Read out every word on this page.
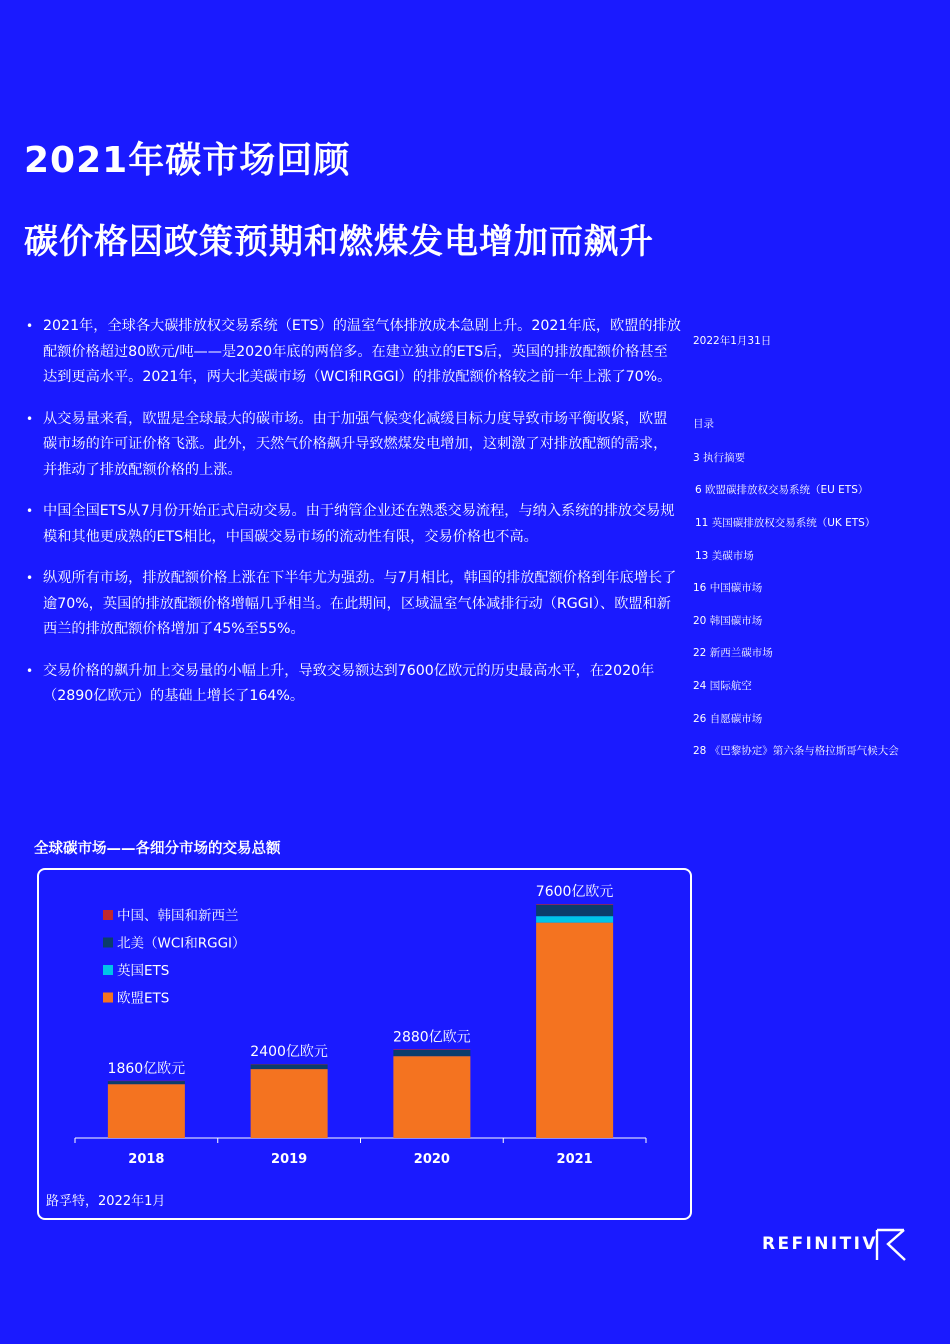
2021年碳市场回顾
碳价格因政策预期和燃煤发电增加而飙升
• 2021年，全球各大碳排放权交易系统（ETS）的温室气体排放成本急剧上升。2021年底，欧盟的排放配额价格超过80欧元/吨——是2020年底的两倍多。在建立独立的ETS后，英国的排放配额价格甚至达到更高水平。2021年，两大北美碳市场（WCI和RGGI）的排放配额价格较之前一年上涨了70%。
• 从交易量来看，欧盟是全球最大的碳市场。由于加强气候变化减缓目标力度导致市场平衡收紧，欧盟碳市场的许可证价格飞涨。此外，天然气价格飙升导致燃煤发电增加，这刺激了对排放配额的需求，并推动了排放配额价格的上涨。
• 中国全国ETS从7月份开始正式启动交易。由于纳管企业还在熟悉交易流程，与纳入系统的排放交易规模和其他更成熟的ETS相比，中国碳交易市场的流动性有限，交易价格也不高。
• 纵观所有市场，排放配额价格上涨在下半年尤为强劲。与7月相比，韩国的排放配额价格到年底增长了逾70%，英国的排放配额价格增幅几乎相当。在此期间，区域温室气体减排行动（RGGI）、欧盟和新西兰的排放配额价格增加了45%至55%。
• 交易价格的飙升加上交易量的小幅上升，导致交易额达到7600亿欧元的历史最高水平，在2020年（2890亿欧元）的基础上增长了164%。
2022年1月31日
目录
3 执行摘要
6 欧盟碳排放权交易系统（EU ETS）
11 英国碳排放权交易系统（UK ETS）
13 美碳市场
16 中国碳市场
20 韩国碳市场
22 新西兰碳市场
24 国际航空
26 自愿碳市场
28 《巴黎协定》第六条与格拉斯哥气候大会
全球碳市场——各细分市场的交易总额
1860亿欧元
2018
2400亿欧元
2019
2880亿欧元
2020
7600亿欧元
2021
中国、韩国和新西兰
北美（WCI和RGGI）
英国ETS
欧盟ETS
路孚特，2022年1月
REFINITIV
